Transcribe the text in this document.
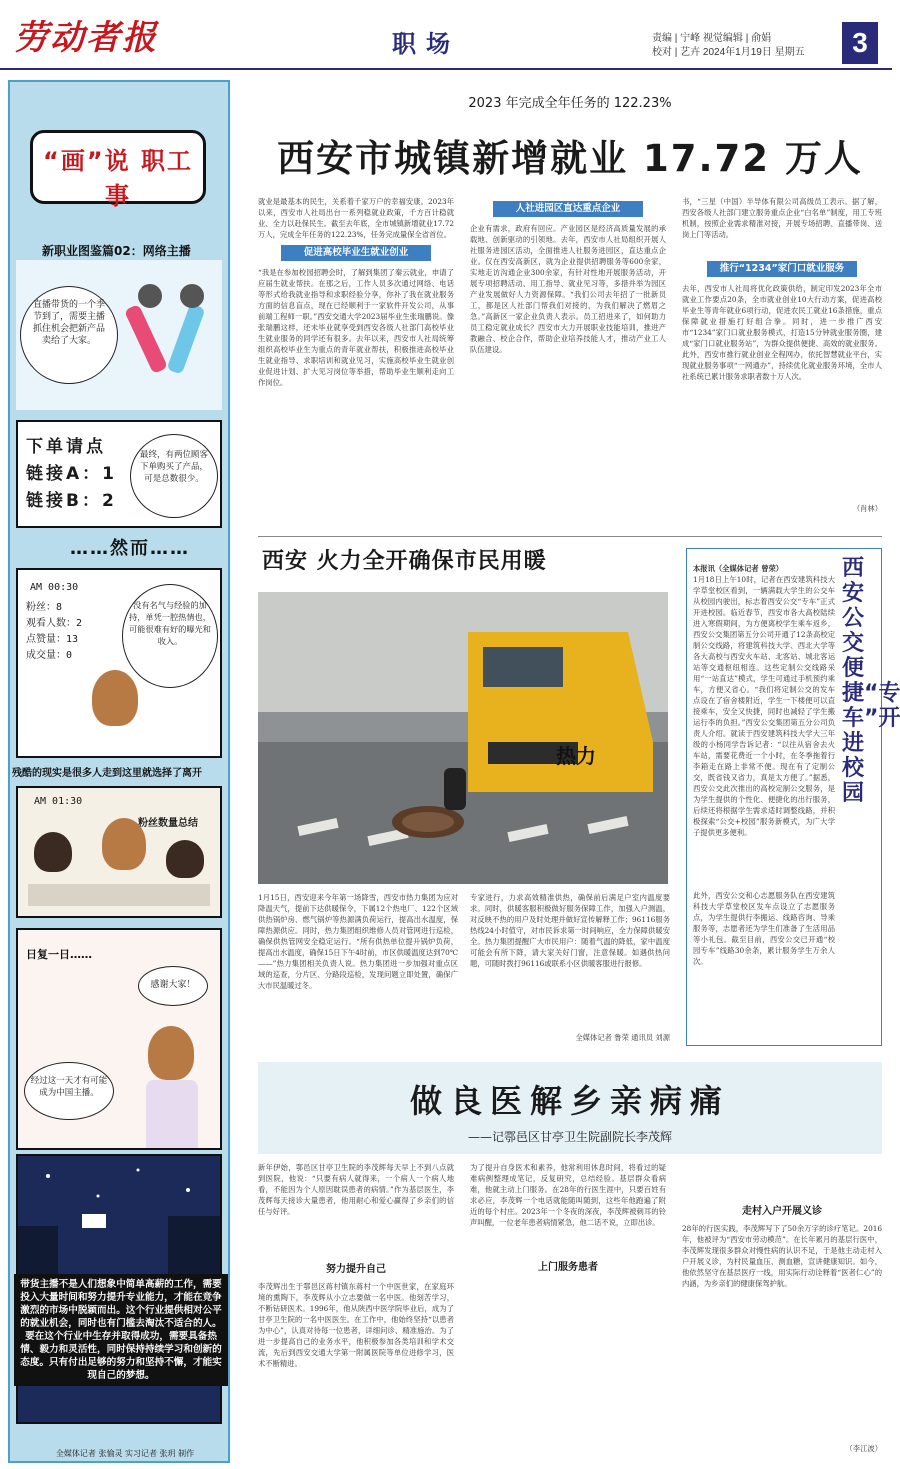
劳动者报	职场	责编 | 宁峰 视觉编辑 | 俞娟
校对 | 艺卉 2024年1月19日 星期五	3
“画”说 职工事
新职业图鉴篇02：网络主播
直播带货的一个季节到了，需要主播抓住机会把新产品卖给了大家。
下单请点 链接A：1 链接B：2
最终，有两位顾客下单购买了产品，可是总数很少。
……然而……
AM 00:30
粉丝：8
观看人数：2
点赞量：13
成交量：0
没有名气与经验的加持，单凭一腔热情也，可能很难有好的曝光和收入。
残酷的现实是很多人走到这里就选择了离开
AM 01:30
粉丝数量总结
日复一日……
感谢大家！
经过这一天才有可能成为中国主播。
带货主播不是人们想象中简单高薪的工作，需要投入大量时间和努力提升专业能力，才能在竞争激烈的市场中脱颖而出。这个行业提供相对公平的就业机会，同时也有门槛去淘汰不适合的人。要在这个行业中生存并取得成功，需要具备热情、毅力和灵活性，同时保持持续学习和创新的态度。只有付出足够的努力和坚持不懈，才能实现自己的梦想。
全媒体记者 张愉灵 实习记者 张玥 制作
2023 年完成全年任务的 122.23%
西安市城镇新增就业 17.72 万人

就业是最基本的民生，关系着千家万户的幸福安康。2023年以来，西安市人社局出台一系列稳就业政策，千方百计稳就业、全力以赴保民生。截至去年底，全市城镇新增就业17.72万人，完成全年任务的122.23%，任务完成量保全省首位。

促进高校毕业生就业创业

“我是在参加校园招聘会时，了解到集团了秦云就业，申请了应届生就业帮扶。在那之后，工作人员多次通过网络、电话等形式给我就业指导和求职经验分享，你补了我在就业服务方面的信息盲点，现在已经顺利于一家软件开发公司，从事前端工程师一职。”西安交通大学2023届毕业生张瑞鹏说。像张瑞鹏这样，还未毕业就享受到西安各级人社部门高校毕业生就业服务的同学还有很多。去年以来，西安市人社局统筹组织高校毕业生为重点的青年就业帮扶，积极推进高校毕业生就业指导、求职培训和就业见习，实施高校毕业生就业创业促进计划、扩大见习岗位等举措，帮助毕业生顺利走向工作岗位。

人社进园区直达重点企业

企业有需求，政府有回应。产业园区是经济高质量发展的承载地、创新驱动的引领地。去年，西安市人社局组织开展人社服务进园区活动，全面推进人社服务进园区，直达重点企业。仅在西安高新区，就为企业提供招聘服务等600余家，实地走访沟通企业300余家，有针对性地开展服务活动，开展专项招聘活动、用工指导、就业见习等，多措并举为园区产业发展做好人力资源保障。“我们公司去年招了一批新员工，都是区人社部门帮我们对接的，为我们解决了燃眉之急。”高新区一家企业负责人表示。员工招进来了，如何助力员工稳定就业成长？西安市大力开展职业技能培训，推进产教融合、校企合作，帮助企业培养技能人才，推动产业工人队伍建设。

书，“三星（中国）半导体有限公司高级员工表示。据了解，西安各级人社部门建立服务重点企业“白名单”制度，用工专班机制，按照企业需求精准对接，开展专场招聘、直播带岗、送岗上门等活动。

推行“1234”家门口就业服务

去年，西安市人社局将优化政策供给，制定印发2023年全市就业工作要点20条，全市就业创业10大行动方案，促进高校毕业生等青年就业6项行动，促进农民工就业16条措施，重点保障就业措施打好组合拳。同时，进一步推广西安市“1234”家门口就业服务模式，打造15分钟就业服务圈，建成“家门口就业服务站”，为群众提供便捷、高效的就业服务。此外，西安市推行就业创业全程网办，依托智慧就业平台，实现就业服务事项“一网通办”，持续优化就业服务环境，全市人社系统已累计服务求职者数十万人次。

（肖林）

西安 火力全开确保市民用暖
热力

1月15日，西安迎来今年第一场降雪，西安市热力集团为应对降温天气，提前下达供暖保令，下属12个热电厂、122个区域供热锅炉房、燃气锅炉等热源满负荷运行，提高出水温度，保障热源供应。同时，热力集团组织维修人员对管网进行巡检，确保供热管网安全稳定运行。“所有供热单位提升锅炉负荷，提高出水温度，确保15日下午4时前，市区供暖温度达到70℃——”热力集团相关负责人说。热力集团进一步加强对重点区域的巡查，分片区、分路段巡检，发现问题立即处置，确保广大市民温暖过冬。

专家进行，力求高效精准供热，确保前后满足户室内温度要求。同时，供暖客服积极做好服务保障工作，加强入户测温，对反映不热的用户及时处理并做好宣传解释工作；96116服务热线24小时值守，对市民诉求第一时间响应，全力保障供暖安全。热力集团提醒广大市民用户：随着气温的降低，家中温度可能会有所下降，请大家关好门窗，注意保暖。如遇供热问题，可随时拨打96116或联系小区供暖客服进行报修。

全媒体记者 鲁荣 通讯员 刘源

本报讯（全媒体记者 曾荣）

1月18日上午10时，记者在西安建筑科技大学草堂校区看到，一辆满载大学生的公交车从校园内驶出，标志着西安公交“专车”正式开进校园。临近春节，西安市各大高校陆续进入寒假期间，为方便离校学生乘车返乡，西安公交集团第五分公司开通了12条高校定制公交线路，将建筑科技大学、西北大学等各大高校与西安火车站、北客站、城北客运站等交通枢纽相连。这些定制公交线路采用“一站直达”模式，学生可通过手机预约乘车，方便又省心。“我们将定制公交的发车点设在了宿舍楼附近，学生一下楼便可以直接乘车，安全又快捷，同时也减轻了学生搬运行李的负担。”西安公交集团第五分公司负责人介绍。就读于西安建筑科技大学大三年级的小杨同学告诉记者：“以往从宿舍去火车站，需要花费近一个小时，在冬季拖着行李箱走在路上非常不便。现在有了定制公交，既省钱又省力，真是太方便了。”据悉，西安公交此次推出的高校定制公交服务，是为学生提供的个性化、便捷化的出行服务，后续还将根据学生需求适时调整线路，并积极探索“公交+校园”服务新模式，为广大学子提供更多便利。

此外，西安公交和心志愿服务队在西安建筑科技大学草堂校区发车点设立了志愿服务点，为学生提供行李搬运、线路咨询、导乘服务等，志愿者还为学生们准备了生活用品等小礼包。截至目前，西安公交已开通“校园专车”线路30余条，累计服务学生万余人次。

西安公交便捷“专车”开进校园
做良医解乡亲病痛
——记鄠邑区甘亭卫生院副院长李茂辉

新年伊始，鄠邑区甘亭卫生院的李茂辉每天早上不到八点就到医院，他说：“只要有病人就得来，一个病人一个病人地看，不能因为个人原因耽误患者的病情。”作为基层医生，李茂辉每天接诊大量患者，他用耐心和爱心赢得了乡亲们的信任与好评。

努力提升自己

李茂辉出生于鄠邑区蒋村镇东蒋村一个中医世家，在家庭环境的熏陶下，李茂辉从小立志要做一名中医。他刻苦学习，不断钻研医术。1996年，他从陕西中医学院毕业后，成为了甘亭卫生院的一名中医医生。在工作中，他始终坚持“以患者为中心”，认真对待每一位患者，详细问诊、精准施治。为了进一步提高自己的业务水平，他积极参加各类培训和学术交流，先后到西安交通大学第一附属医院等单位进修学习，医术不断精进。

为了提升自身医术和素养，他常利用休息时间，将看过的疑难病例整理成笔记，反复研究，总结经验。基层群众看病难，他就主动上门服务。在28年的行医生涯中，只要百姓有求必应，李茂辉一个电话就能随叫随到，这些年他跑遍了附近的每个村庄。2023年一个冬夜的深夜，李茂辉被刺耳的铃声叫醒，一位老年患者病情紧急，他二话不说，立即出诊。

上门服务患者
走村入户开展义诊

28年的行医实践，李茂辉写下了50余万字的诊疗笔记。2016年，他被评为“西安市劳动模范”。在长年累月的基层行医中，李茂辉发现很多群众对慢性病的认识不足，于是他主动走村入户开展义诊，为村民量血压、测血糖，宣讲健康知识。如今，他依然坚守在基层医疗一线，用实际行动诠释着“医者仁心”的内涵，为乡亲们的健康保驾护航。

（李江波）
